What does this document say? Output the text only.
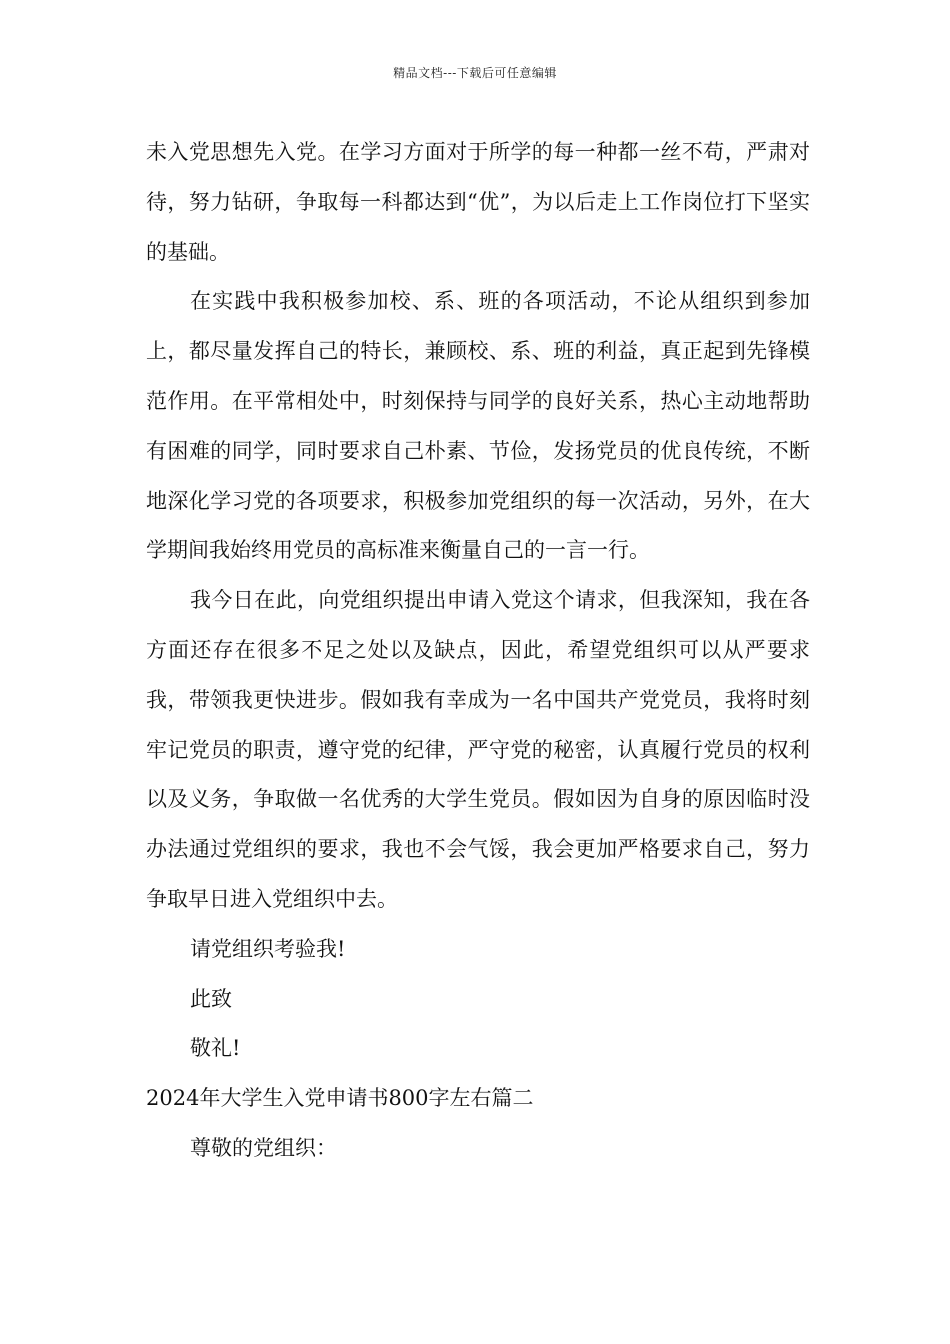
精品文档---下载后可任意编辑

未入党思想先入党。在学习方面对于所学的每一种都一丝不苟，严肃对待，努力钻研，争取每一科都达到“优”，为以后走上工作岗位打下坚实的基础。

在实践中我积极参加校、系、班的各项活动，不论从组织到参加上，都尽量发挥自己的特长，兼顾校、系、班的利益，真正起到先锋模范作用。在平常相处中，时刻保持与同学的良好关系，热心主动地帮助有困难的同学，同时要求自己朴素、节俭，发扬党员的优良传统，不断地深化学习党的各项要求，积极参加党组织的每一次活动，另外，在大学期间我始终用党员的高标准来衡量自己的一言一行。

我今日在此，向党组织提出申请入党这个请求，但我深知，我在各方面还存在很多不足之处以及缺点，因此，希望党组织可以从严要求我，带领我更快进步。假如我有幸成为一名中国共产党党员，我将时刻牢记党员的职责，遵守党的纪律，严守党的秘密，认真履行党员的权利以及义务，争取做一名优秀的大学生党员。假如因为自身的原因临时没办法通过党组织的要求，我也不会气馁，我会更加严格要求自己，努力争取早日进入党组织中去。

请党组织考验我!

此致

敬礼!

2024年大学生入党申请书800字左右篇二

尊敬的党组织：
